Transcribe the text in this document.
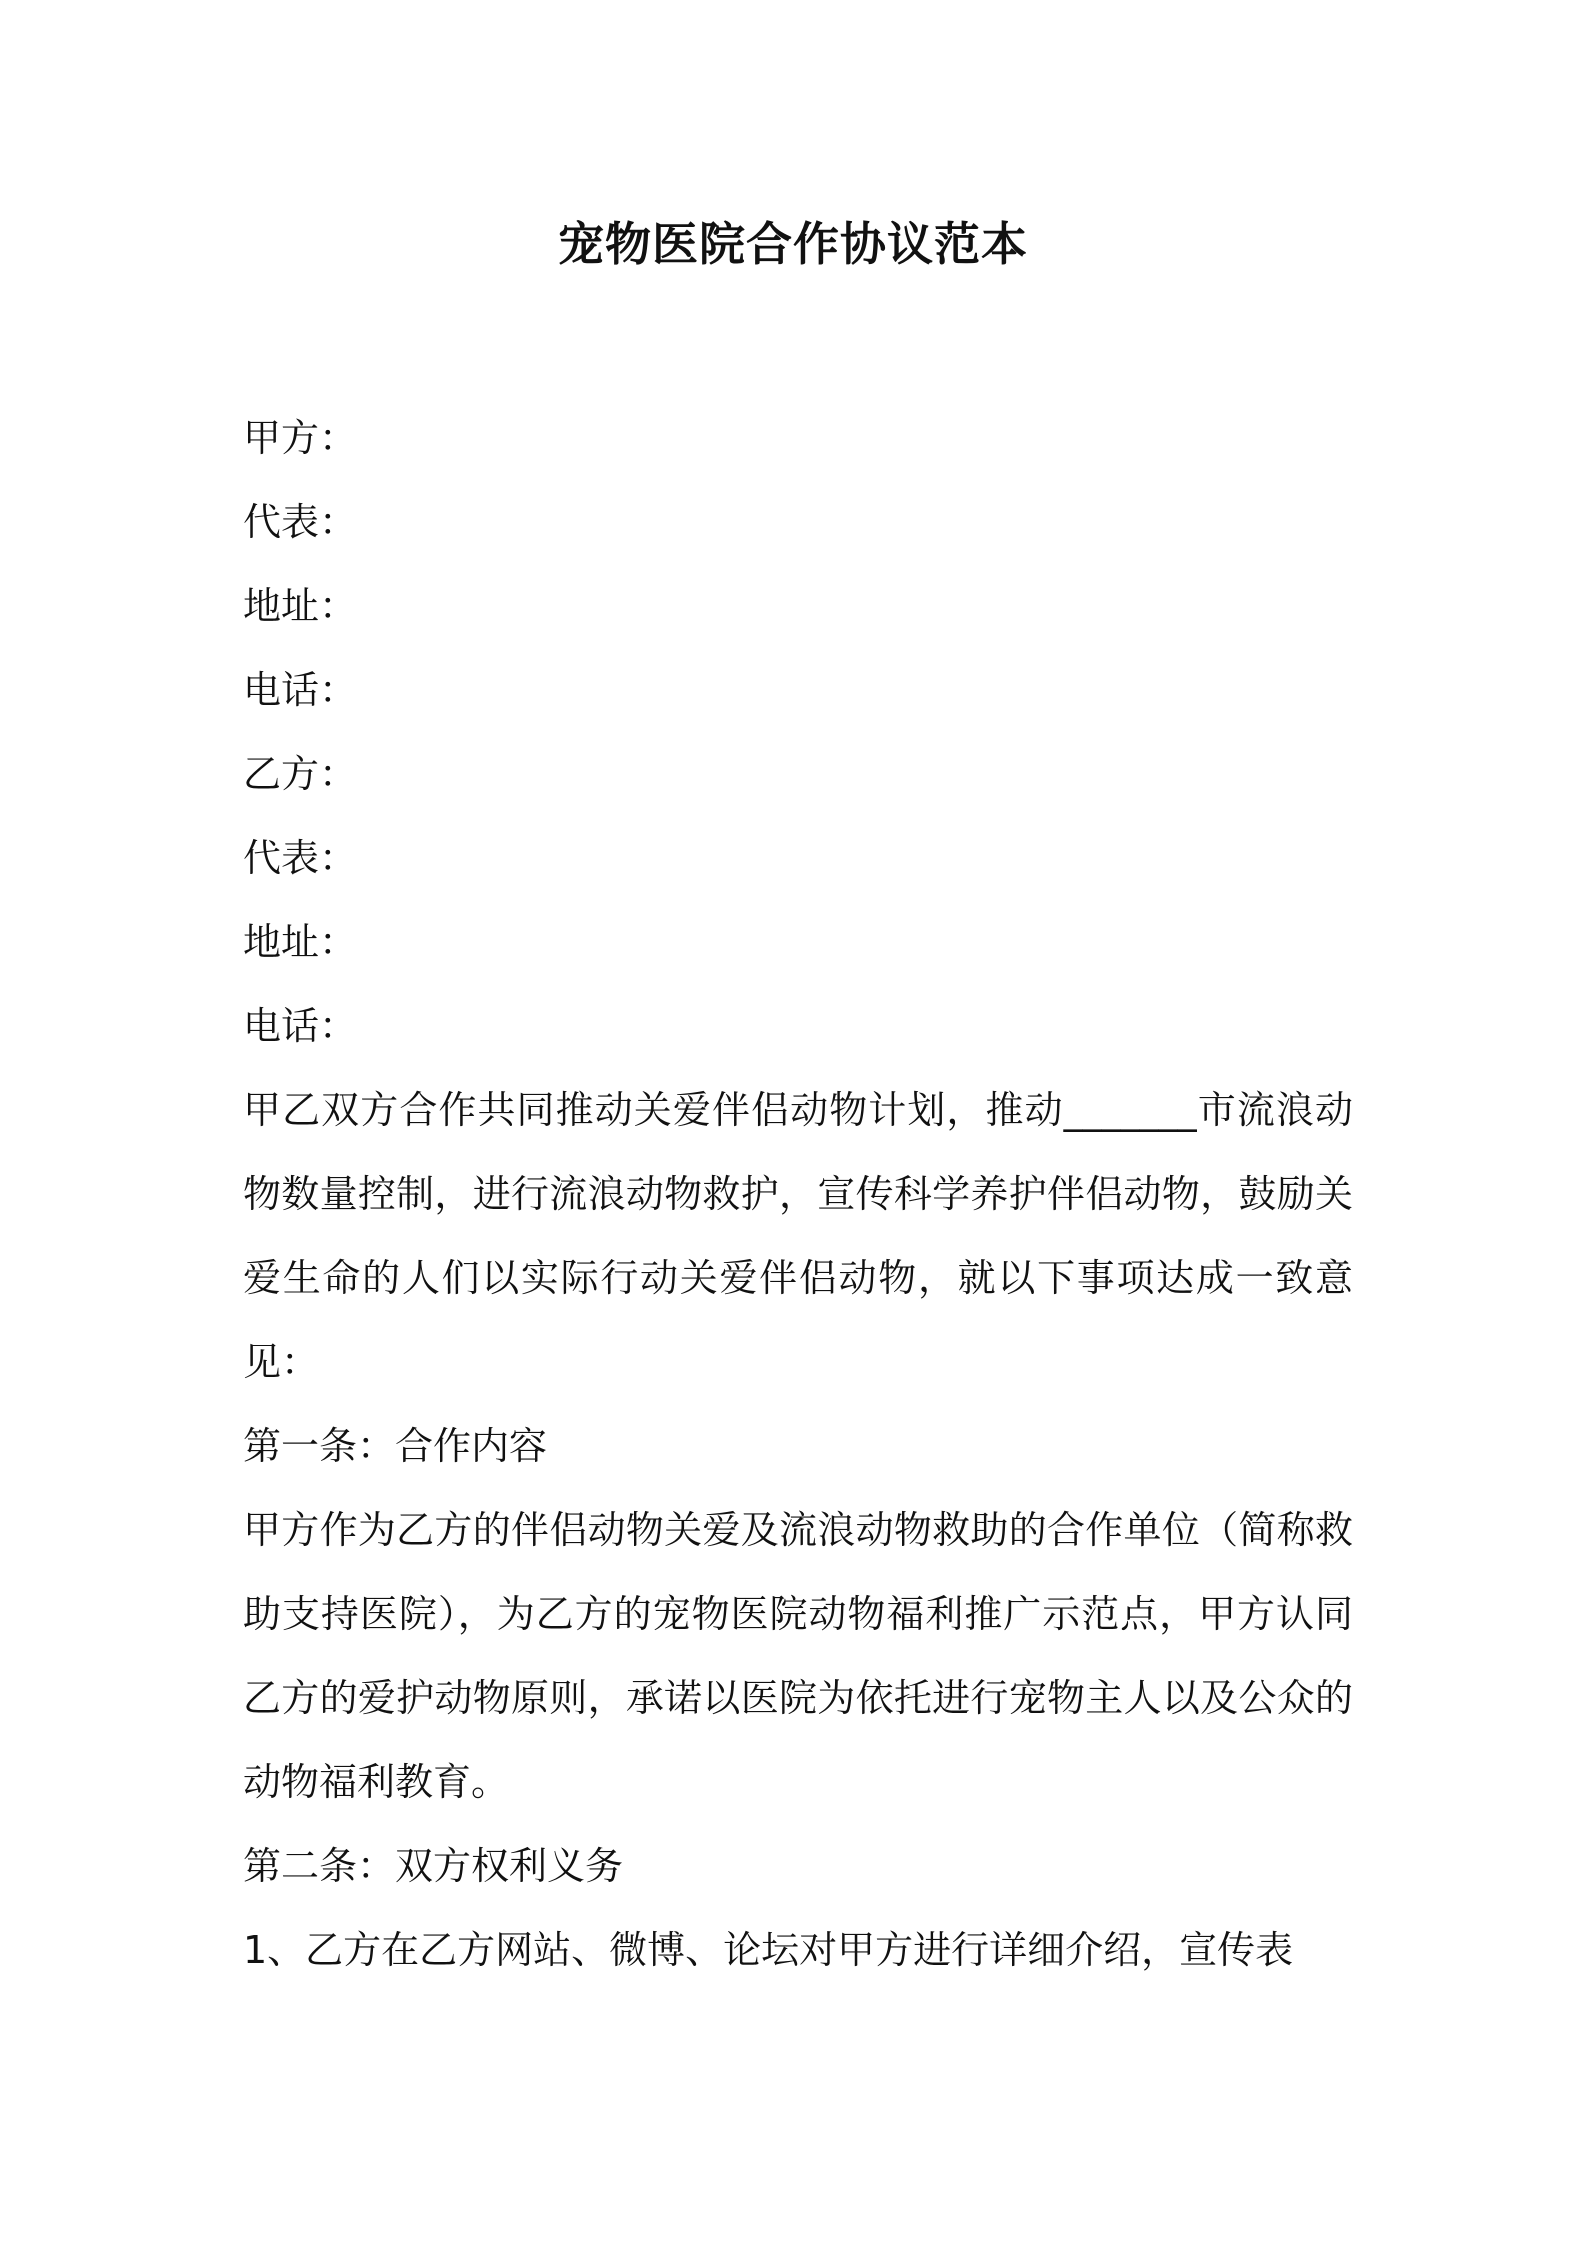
宠物医院合作协议范本
甲方：
代表：
地址：
电话：
乙方：
代表：
地址：
电话：

甲乙双方合作共同推动关爱伴侣动物计划，推动_______市流浪动物数量控制，进行流浪动物救护，宣传科学养护伴侣动物，鼓励关爱生命的人们以实际行动关爱伴侣动物，就以下事项达成一致意见：

第一条：合作内容

甲方作为乙方的伴侣动物关爱及流浪动物救助的合作单位（简称救助支持医院），为乙方的宠物医院动物福利推广示范点，甲方认同乙方的爱护动物原则，承诺以医院为依托进行宠物主人以及公众的动物福利教育。

第二条：双方权利义务

1、乙方在乙方网站、微博、论坛对甲方进行详细介绍，宣传表
